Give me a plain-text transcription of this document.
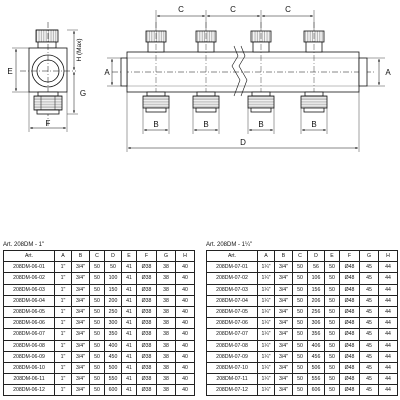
C	C	C
H (Max)
E
G
F
A	A
B	B	B	B
D
Art. 208DM - 1"
Art.	A	B	C	D	E	F	G	H
208DM-06-01	1"	3/4"	50	50	41	Ø38	38	40
208DM-06-02	1"	3/4"	50	100	41	Ø38	38	40
208DM-06-03	1"	3/4"	50	150	41	Ø38	38	40
208DM-06-04	1"	3/4"	50	200	41	Ø38	38	40
208DM-06-05	1"	3/4"	50	250	41	Ø38	38	40
208DM-06-06	1"	3/4"	50	300	41	Ø38	38	40
208DM-06-07	1"	3/4"	50	350	41	Ø38	38	40
208DM-06-08	1"	3/4"	50	400	41	Ø38	38	40
208DM-06-09	1"	3/4"	50	450	41	Ø38	38	40
208DM-06-10	1"	3/4"	50	500	41	Ø38	38	40
208DM-06-11	1"	3/4"	50	550	41	Ø38	38	40
208DM-06-12	1"	3/4"	50	600	41	Ø38	38	40
Art. 208DM - 1¼"
Art.	A	B	C	D	E	F	G	H
208DM-07-01	1¼"	3/4"	50	56	50	Ø48	45	44
208DM-07-02	1¼"	3/4"	50	106	50	Ø48	45	44
208DM-07-03	1¼"	3/4"	50	156	50	Ø48	45	44
208DM-07-04	1¼"	3/4"	50	206	50	Ø48	45	44
208DM-07-05	1¼"	3/4"	50	256	50	Ø48	45	44
208DM-07-06	1¼"	3/4"	50	306	50	Ø48	45	44
208DM-07-07	1¼"	3/4"	50	356	50	Ø48	45	44
208DM-07-08	1¼"	3/4"	50	406	50	Ø48	45	44
208DM-07-09	1¼"	3/4"	50	456	50	Ø48	45	44
208DM-07-10	1¼"	3/4"	50	506	50	Ø48	45	44
208DM-07-11	1¼"	3/4"	50	556	50	Ø48	45	44
208DM-07-12	1¼"	3/4"	50	606	50	Ø48	45	44
